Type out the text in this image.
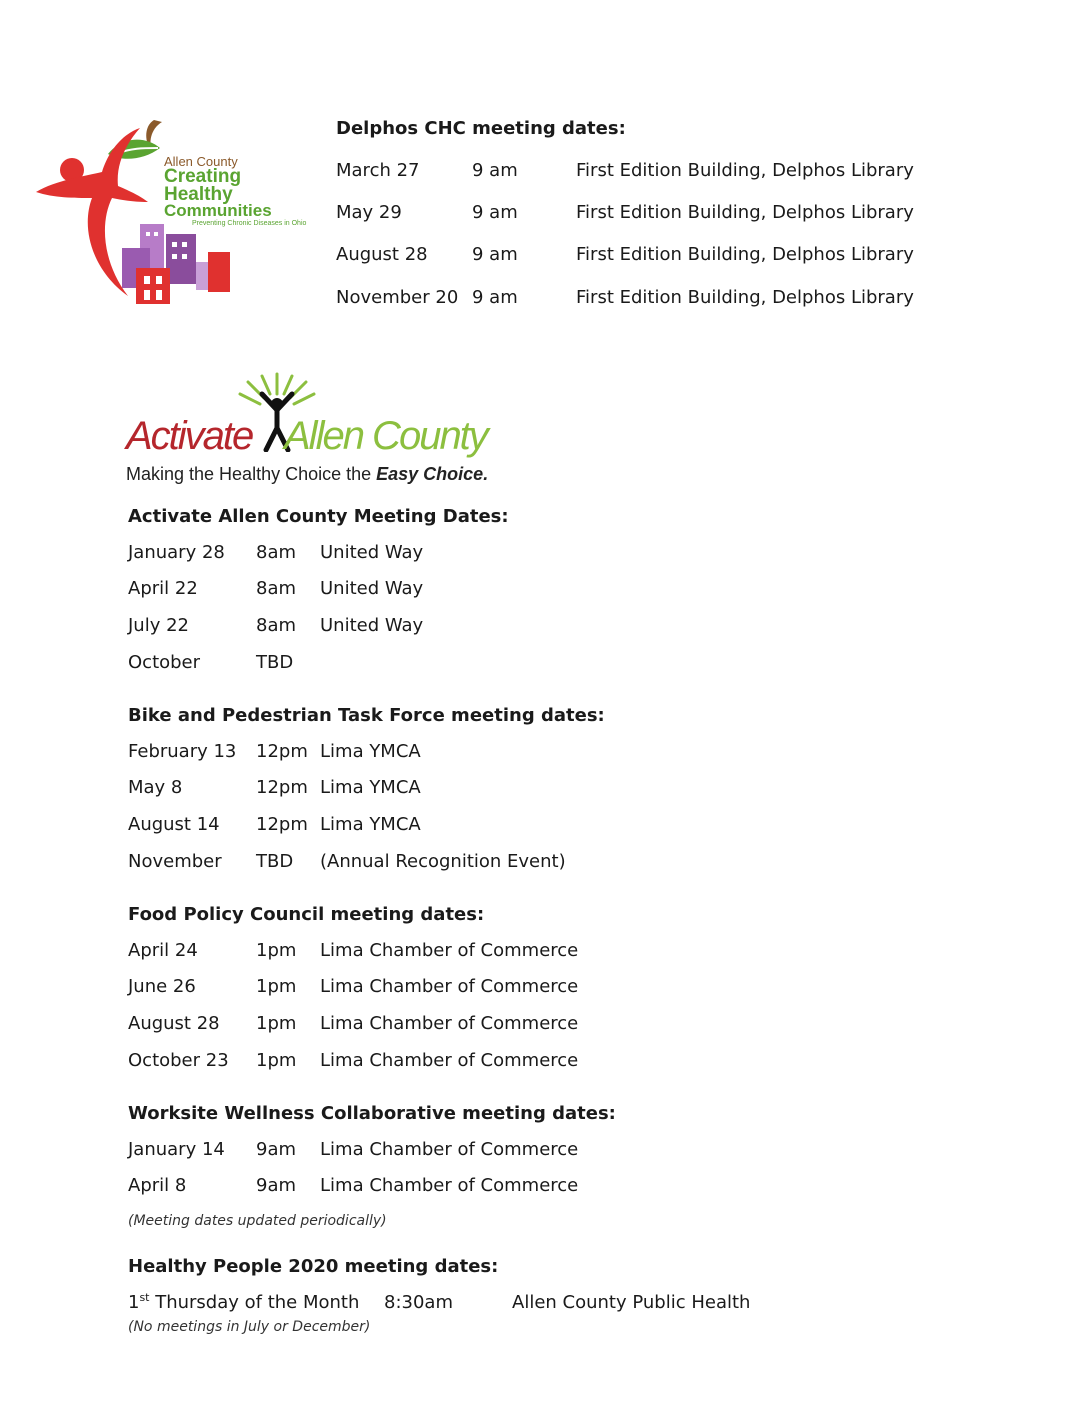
Allen County
Creating
Healthy
Communities
Preventing Chronic Diseases in Ohio
Delphos CHC meeting dates:
March 27	9 am	First Edition Building, Delphos Library
May 29	9 am	First Edition Building, Delphos Library
August 28 9 am	First Edition Building, Delphos Library
November 20 9 am	First Edition Building, Delphos Library
Activate Allen County
Making the Healthy Choice the Easy Choice.
Activate Allen County Meeting Dates:
January 28 8am United Way
April 22	8am United Way
July 22	8am United Way
October	TBD
Bike and Pedestrian Task Force meeting dates:
February 13 12pm Lima YMCA
May 8	12pm Lima YMCA
August 14 12pm Lima YMCA
November TBD (Annual Recognition Event)
Food Policy Council meeting dates:
April 24	1pm Lima Chamber of Commerce
June 26	1pm Lima Chamber of Commerce
August 28 1pm Lima Chamber of Commerce
October 23 1pm Lima Chamber of Commerce
Worksite Wellness Collaborative meeting dates:
January 14 9am Lima Chamber of Commerce
April 8	9am Lima Chamber of Commerce
(Meeting dates updated periodically)
Healthy People 2020 meeting dates:
1st Thursday of the Month 8:30am	Allen County Public Health
(No meetings in July or December)
